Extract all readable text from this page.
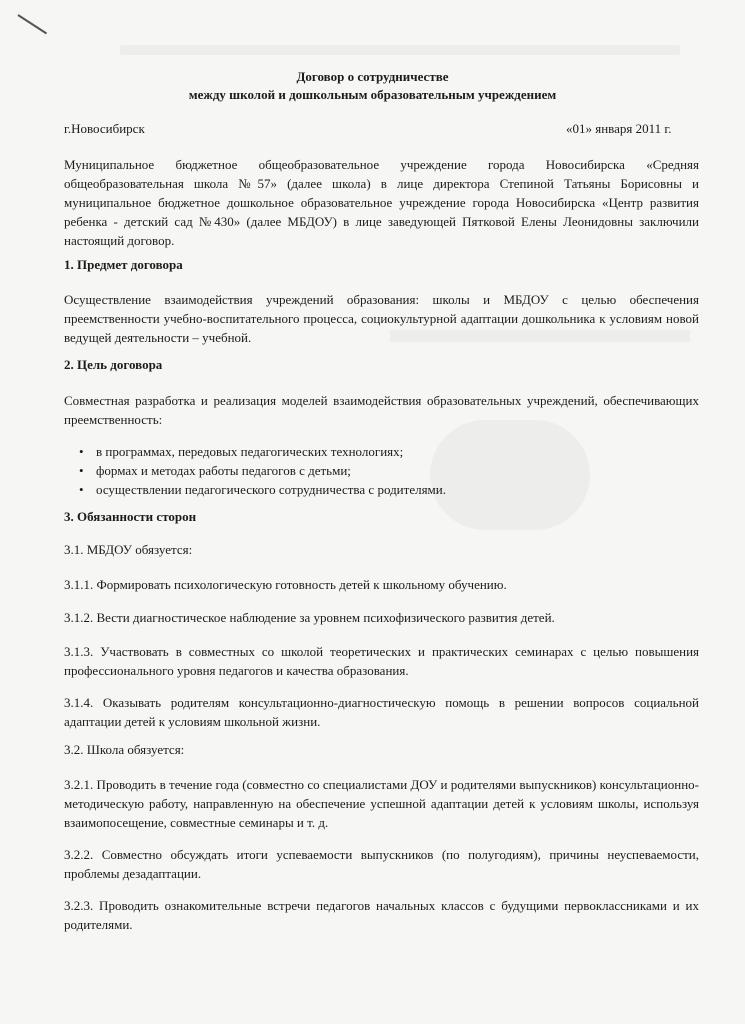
Договор о сотрудничестве
между школой и дошкольным образовательным учреждением
г.Новосибирск	«01» января 2011 г.

Муниципальное бюджетное общеобразовательное учреждение города Новосибирска «Средняя общеобразовательная школа №57» (далее школа) в лице директора Степиной Татьяны Борисовны и муниципальное бюджетное дошкольное образовательное учреждение города Новосибирска «Центр развития ребенка - детский сад №430» (далее МБДОУ) в лице заведующей Пятковой Елены Леонидовны заключили настоящий договор.

1. Предмет договора

Осуществление взаимодействия учреждений образования: школы и МБДОУ с целью обеспечения преемственности учебно-воспитательного процесса, социокультурной адаптации дошкольника к условиям новой ведущей деятельности – учебной.

2. Цель договора

Совместная разработка и реализация моделей взаимодействия образовательных учреждений, обеспечивающих преемственность:

• в программах, передовых педагогических технологиях;
• формах и методах работы педагогов с детьми;
• осуществлении педагогического сотрудничества с родителями.
3. Обязанности сторон
3.1. МБДОУ обязуется:
3.1.1. Формировать психологическую готовность детей к школьному обучению.
3.1.2. Вести диагностическое наблюдение за уровнем психофизического развития детей.

3.1.3. Участвовать в совместных со школой теоретических и практических семинарах с целью повышения профессионального уровня педагогов и качества образования.

3.1.4. Оказывать родителям консультационно-диагностическую помощь в решении вопросов социальной адаптации детей к условиям школьной жизни.

3.2. Школа обязуется:

3.2.1. Проводить в течение года (совместно со специалистами ДОУ и родителями выпускников) консультационно-методическую работу, направленную на обеспечение успешной адаптации детей к условиям школы, используя взаимопосещение, совместные семинары и т. д.

3.2.2. Совместно обсуждать итоги успеваемости выпускников (по полугодиям), причины неуспеваемости, проблемы дезадаптации.

3.2.3. Проводить ознакомительные встречи педагогов начальных классов с будущими первоклассниками и их родителями.
